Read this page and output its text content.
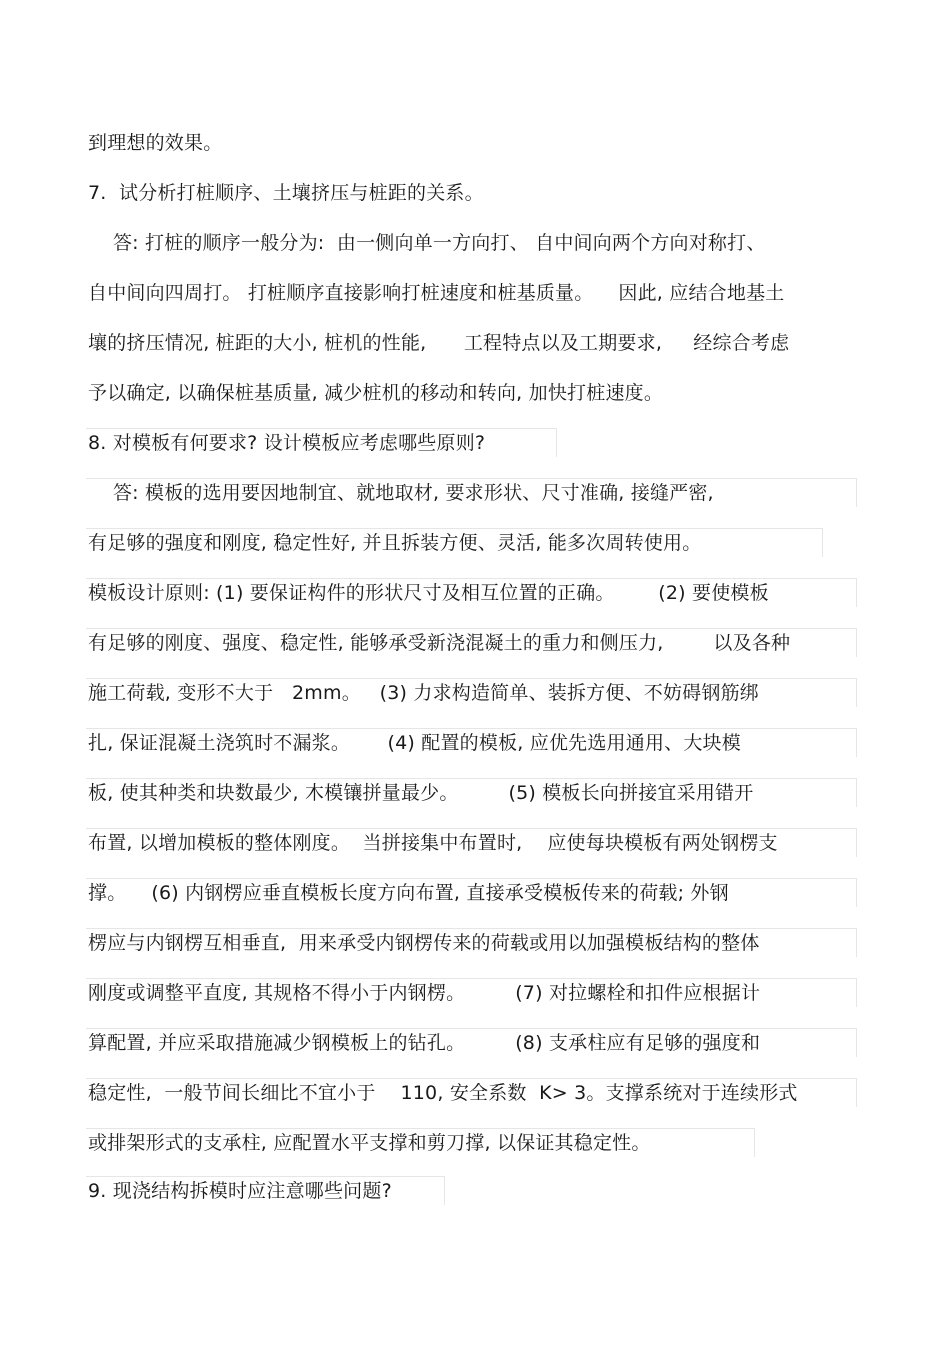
到理想的效果。
7.  试分析打桩顺序、土壤挤压与桩距的关系。
答: 打桩的顺序一般分为:  由一侧向单一方向打、 自中间向两个方向对称打、
自中间向四周打。 打桩顺序直接影响打桩速度和桩基质量。    因此, 应结合地基土
壤的挤压情况, 桩距的大小, 桩机的性能,      工程特点以及工期要求,     经综合考虑
予以确定, 以确保桩基质量, 减少桩机的移动和转向, 加快打桩速度。
8. 对模板有何要求? 设计模板应考虑哪些原则?
答: 模板的选用要因地制宜、就地取材, 要求形状、尺寸准确, 接缝严密,
有足够的强度和刚度, 稳定性好, 并且拆装方便、灵活, 能多次周转使用。
模板设计原则: (1) 要保证构件的形状尺寸及相互位置的正确。       (2) 要使模板
有足够的刚度、强度、稳定性, 能够承受新浇混凝土的重力和侧压力,        以及各种
施工荷载, 变形不大于   2mm。   (3) 力求构造简单、装拆方便、不妨碍钢筋绑
扎, 保证混凝土浇筑时不漏浆。      (4) 配置的模板, 应优先选用通用、大块模
板, 使其种类和块数最少, 木模镶拼量最少。        (5) 模板长向拼接宜采用错开
布置, 以增加模板的整体刚度。  当拼接集中布置时,    应使每块模板有两处钢楞支
撑。    (6) 内钢楞应垂直模板长度方向布置, 直接承受模板传来的荷载; 外钢
楞应与内钢楞互相垂直,  用来承受内钢楞传来的荷载或用以加强模板结构的整体
刚度或调整平直度, 其规格不得小于内钢楞。        (7) 对拉螺栓和扣件应根据计
算配置, 并应采取措施减少钢模板上的钻孔。        (8) 支承柱应有足够的强度和
稳定性,  一般节间长细比不宜小于    110, 安全系数  K> 3。支撑系统对于连续形式
或排架形式的支承柱, 应配置水平支撑和剪刀撑, 以保证其稳定性。
9. 现浇结构拆模时应注意哪些问题?
